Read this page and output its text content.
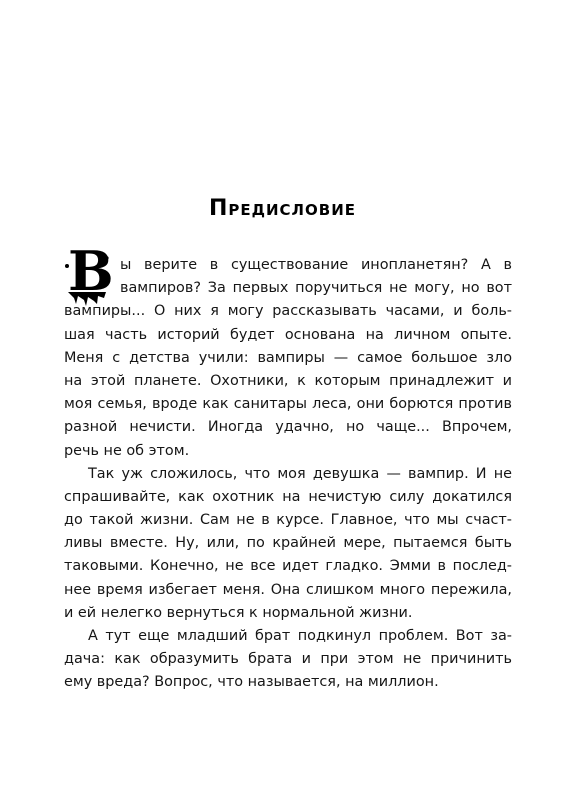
Предисловие
В ы верите в существование инопланетян? А в
вампиров? За первых поручиться не могу, но вот
вампиры... О них я могу рассказывать часами, и боль-
шая часть историй будет основана на личном опыте.
Меня с детства учили: вампиры — самое большое зло
на этой планете. Охотники, к которым принадлежит и
моя семья, вроде как санитары леса, они борются против
разной нечисти. Иногда удачно, но чаще... Впрочем,
речь не об этом.
Так уж сложилось, что моя девушка — вампир. И не
спрашивайте, как охотник на нечистую силу докатился
до такой жизни. Сам не в курсе. Главное, что мы счаст-
ливы вместе. Ну, или, по крайней мере, пытаемся быть
таковыми. Конечно, не все идет гладко. Эмми в послед-
нее время избегает меня. Она слишком много пережила,
и ей нелегко вернуться к нормальной жизни.
А тут еще младший брат подкинул проблем. Вот за-
дача: как образумить брата и при этом не причинить
ему вреда? Вопрос, что называется, на миллион.
